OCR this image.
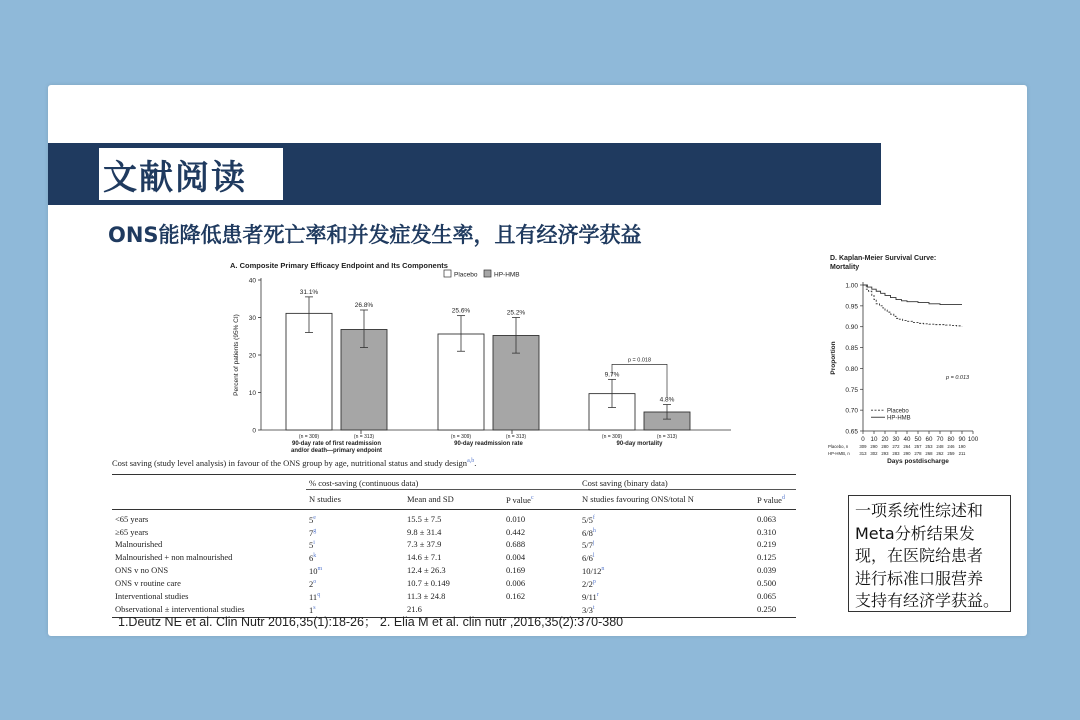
文献阅读
ONS能降低患者死亡率和并发症发生率，且有经济学获益
A. Composite Primary Efficacy Endpoint and Its Components
Placebo	HP-HMB
0
10
20
30
40
Percent of patients (95% CI)
31.1%
(n = 309)
25.6%
(n = 309)
9.7%
(n = 309)
26.8%
(n = 313)
25.2%
(n = 313)
4.8%
(n = 313)
90-day rate of first readmission
and/or death—primary endpoint
90-day readmission rate	90-day mortality
p = 0.018
D. Kaplan-Meier Survival Curve:
Mortality
0.65
0.70
0.75
0.80
0.85
0.90
0.95
1.00
0 10 20 30 40 50 60 70 80 90 100
Proportion
p = 0.013
Placebo
HP-HMB
Placebo, n	309 290 280 272 264 257 253 248 246 190
HP-HMB, n 313 302 293 283 290 278 268 262 259 211
Days postdischarge
Cost saving (study level analysis) in favour of the ONS group by age, nutritional status and study design$^{a,b}$.
	% cost-saving (continuous data)			Cost saving (binary data)	
	N studies	Mean and SD	P value$^c$	N studies favouring ONS/total N	P value$^d$
<65 years	5e	15.5 ± 7.5	0.010	5/5$^f$	0.063
≥65 years	7$^g$	9.8 ± 31.4	0.442	6/8$^h$	0.310
Malnourished	5$^i$	7.3 ± 37.9	0.688	5/7$^j$	0.219
Malnourished + non malnourished	6$^k$	14.6 ± 7.1	0.004	6/6$^l$	0.125
ONS v no ONS	10$^m$	12.4 ± 26.3	0.169	10/12$^n$	0.039
ONS v routine care	2$^o$	10.7 ± 0.149	0.006	2/2$^p$	0.500
Interventional studies	11$^q$	11.3 ± 24.8	0.162	9/11$^r$	0.065
Observational ± interventional studies	1$^s$	21.6		3/3$^t$	0.250
1.Deutz NE et al. Clin Nutr 2016,35(1):18-26； 2. Elia M et al. clin nutr ,2016,35(2):370-380
一项系统性综述和
Meta分析结果发
现，在医院给患者
进行标准口服营养
支持有经济学获益。
